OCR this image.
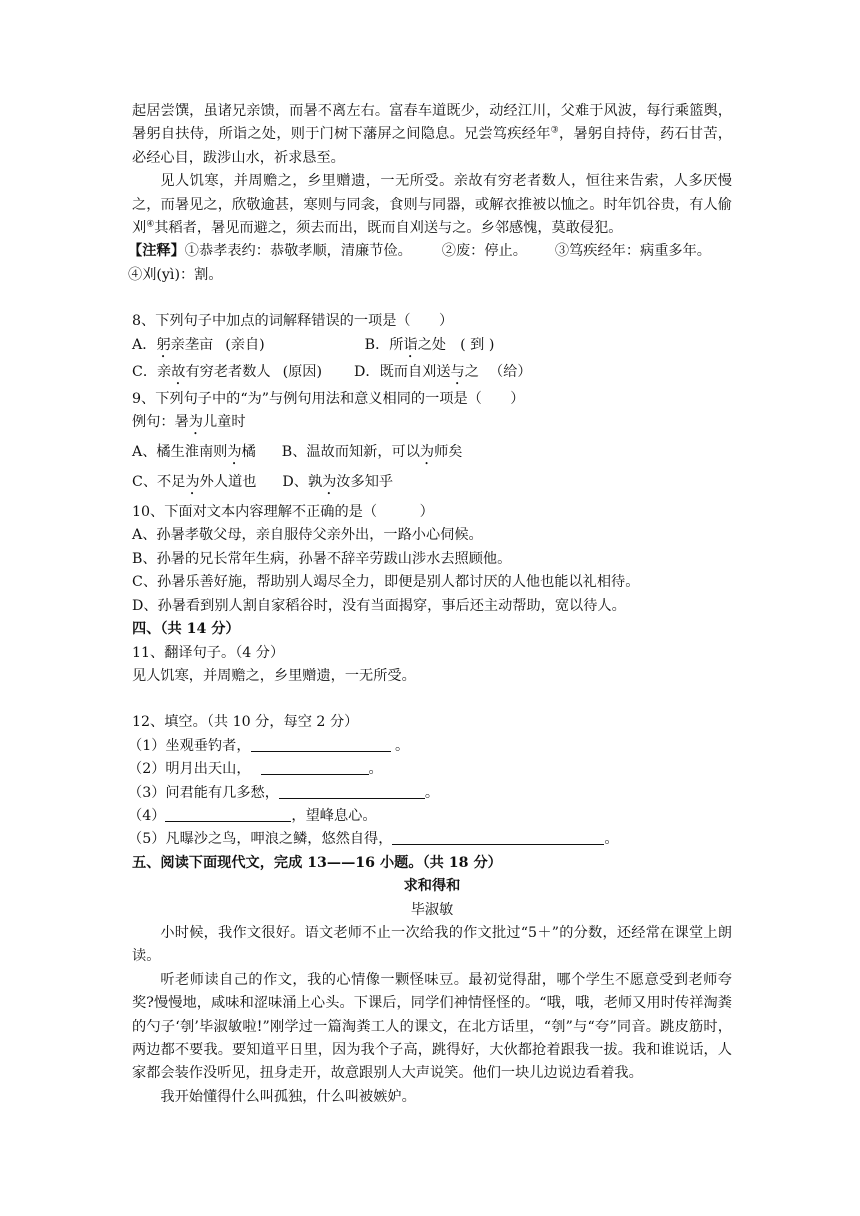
起居尝馔，虽诸兄亲馈，而暑不离左右。富春车道既少，动经江川，父难于风波，每行乘篮舆，暑躬自扶侍，所诣之处，则于门树下藩屏之间隐息。兄尝笃疾经年③，暑躬自持侍，药石甘苦，必经心目，跋涉山水，祈求恳至。

见人饥寒，并周赡之，乡里赠遗，一无所受。亲故有穷老者数人，恒往来告索，人多厌慢之，而暑见之，欣敬逾甚，寒则与同衾，食则与同器，或解衣推被以恤之。时年饥谷贵，有人偷刈④其稻者，暑见而避之，须去而出，既而自刈送与之。乡邻感愧，莫敢侵犯。

【注释】①恭孝表约：恭敬孝顺，清廉节俭。 ②废：停止。 ③笃疾经年：病重多年。
④刈(yì)：割。

8、下列句子中加点的词解释错误的一项是（　　）

A．躬亲垄亩 (亲自)	B．所诣之处 ( 到 )

C．亲故有穷老者数人 (原因) D．既而自刈送与之 （给）

9、下列句子中的“为”与例句用法和意义相同的一项是（　　）

例句：暑为儿童时

A、橘生淮南则为橘 B、温故而知新，可以为师矣

C、不足为外人道也 D、孰为汝多知乎

10、下面对文本内容理解不正确的是（　　　）

A、孙暑孝敬父母，亲自服侍父亲外出，一路小心伺候。

B、孙暑的兄长常年生病，孙暑不辞辛劳跋山涉水去照顾他。

C、孙暑乐善好施，帮助别人竭尽全力，即便是别人都讨厌的人他也能以礼相待。

D、孙暑看到别人割自家稻谷时，没有当面揭穿，事后还主动帮助，宽以待人。

四、（共 14 分）

11、翻译句子。（4 分）

见人饥寒，并周赡之，乡里赠遗，一无所受。

12、填空。（共 10 分，每空 2 分）

（1）坐观垂钓者，	。

（2）明月出天山，	。

（3）问君能有几多愁，	。

（4）	，望峰息心。

（5）凡曝沙之鸟，呷浪之鳞，悠然自得，	。

五、阅读下面现代文，完成 13——16 小题。（共 18 分）

求和得和

毕淑敏

小时候，我作文很好。语文老师不止一次给我的作文批过“5＋”的分数，还经常在课堂上朗读。

听老师读自己的作文，我的心情像一颗怪味豆。最初觉得甜，哪个学生不愿意受到老师夸奖?慢慢地，咸味和涩味涌上心头。下课后，同学们神情怪怪的。“哦，哦，老师又用时传祥淘粪的勺子‘刳’毕淑敏啦!”刚学过一篇淘粪工人的课文，在北方话里，“刳”与“夸”同音。跳皮筋时，两边都不要我。要知道平日里，因为我个子高，跳得好，大伙都抢着跟我一拔。我和谁说话，人家都会装作没听见，扭身走开，故意跟别人大声说笑。他们一块儿边说边看着我。

我开始懂得什么叫孤独，什么叫被嫉妒。
